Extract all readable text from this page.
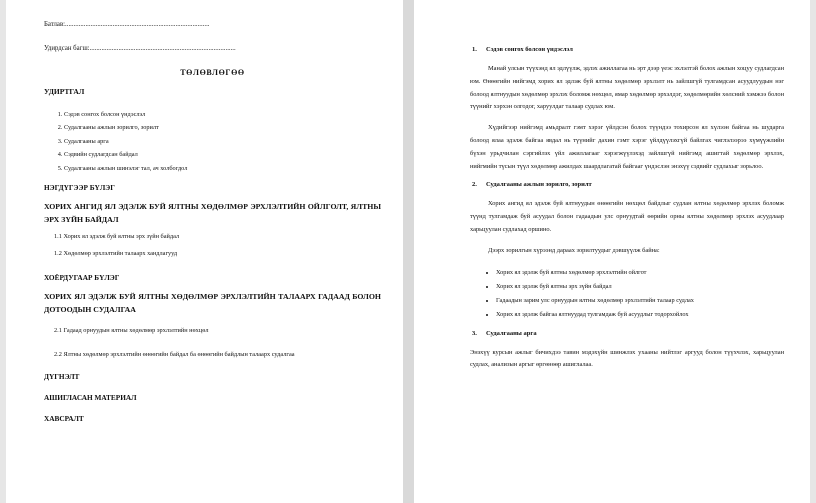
Батлав:.....................................................................................

Удирдсан багш:......................................................................................

ТӨЛӨВЛӨГӨӨ
УДИРТГАЛ
1. Сэдэв сонгох болсон үндэслэл
2. Судалгааны ажлын зорилго, зорилт
3. Судалгааны арга
4. Сэдвийн судлагдсан байдал
5. Судалгааны ажлын шинэлэг тал, ач холбогдол
НЭГДҮГЭЭР БҮЛЭГ
ХОРИХ АНГИД ЯЛ ЭДЭЛЖ БУЙ ЯЛТНЫ ХӨДӨЛМӨР ЭРХЛЭЛТИЙН ОЙЛГОЛТ, ЯЛТНЫ ЭРХ ЗҮЙН БАЙДАЛ
1.1 Хорих ял эдэлж буй ялтны эрх зүйн байдал
1.2 Хөдөлмөр эрхлэлтийн талаарх хандлагууд
ХОЁРДУГААР БҮЛЭГ
ХОРИХ ЯЛ ЭДЭЛЖ БУЙ ЯЛТНЫ ХӨДӨЛМӨР ЭРХЛЭЛТИЙН ТАЛААРХ ГАДААД БОЛОН ДОТООДЫН СУДАЛГАА
2.1 Гадаад орнуудын ялтны хөдөлмөр эрхлэлтийн нөхцөл
2.2 Ялтны хөдөлмөр эрхлэлтийн өнөөгийн байдал ба өнөөгийн байдлын талаарх судалгаа
ДҮГНЭЛТ
АШИГЛАСАН МАТЕРИАЛ
ХАВСРАЛТ
1. Сэдэв сонгох болсон үндэслэл

Манай улсын түүхэнд ял эдлүүлж, эдлэх ажиллагаа нь эрт дээр үеэс эхлэлтэй болох ажлын хоцуу судлагдсан юм. Өнөөгийн нийгэмд хорих ял эдлэж буй ялтны хөдөлмөр эрхлэлт нь зайлшгүй тулгамдсан асуудлуудын нэг болоод ялтнуудын хөдөлмөр эрхлэх боломж нөхцөл, ямар хөдөлмөр эрхэлдэг, хөдөлмөрийн хөлсний хэмжээ болон түүнийг хэрхэн олгодог, харуулдаг талаар судлах юм.

Хүдийгээр нийгэмд амьдралт гэмт хэрэг үйлдсэн болох түүндээ тохирсон ял хүлээн байгаа нь шударга болоод ялаа эдэлж байгаа явдал нь түүнийг дахин гэмт хэрэг үйлдүүлэхгүй байлгах чиглэлээрээ хүмүүжлийн бүхэн урьдчилан сэргийлэх үйл ажиллагааг хэрэгжүүлэхэд зайлшгүй нийгэмд ашигтай хөдөлмөр эрхлэх, нийгмийн түсын түүл хөдөлмөр ажилдах шаардлагатай байгааг үндэслэн энэхүү сэдвийг судлахыг зорьлоо.

2. Судалгааны ажлын зорилго, зорилт

Хорих ангид ял эдэлж буй ялтнуудын өнөөгийн нөхцөл байдлыг судлан ялтны хөдөлмөр эрхлэх боломж түүнд тулгамдаж буй асуудал болон гадаадын улс орнуудтай өөрийн орны ялтны хөдөлмөр эрхлэх асуудлаар харьцуулан судлахад оршино.

Дээрх зорилгын хүрээнд дараах зорилтуудыг дэвшүүлж байна:

• Хорих ял эдэлж буй ялтны хөдөлмөр эрхлэлтийн ойлгот
• Хорих ял эдэлж буй ялтны эрх зүйн байдал
• Гадаадын зарим улс орнуудын ялтны хөдөлмөр эрхлэлтийн талаар судлах
• Хорих ял эдэлж байгаа ялтнуудад тулгамдаж буй асуудлыг тодорхойлох
3. Судалгааны арга

Энэхүү курсын ажлыг бичихдээ тавин мэдэхүйн шинжлэх ухааны нийтлэг аргууд болон түүхчлэх, харьцуулан судлах, анализын аргыг өргөнөөр ашиглалаа.
